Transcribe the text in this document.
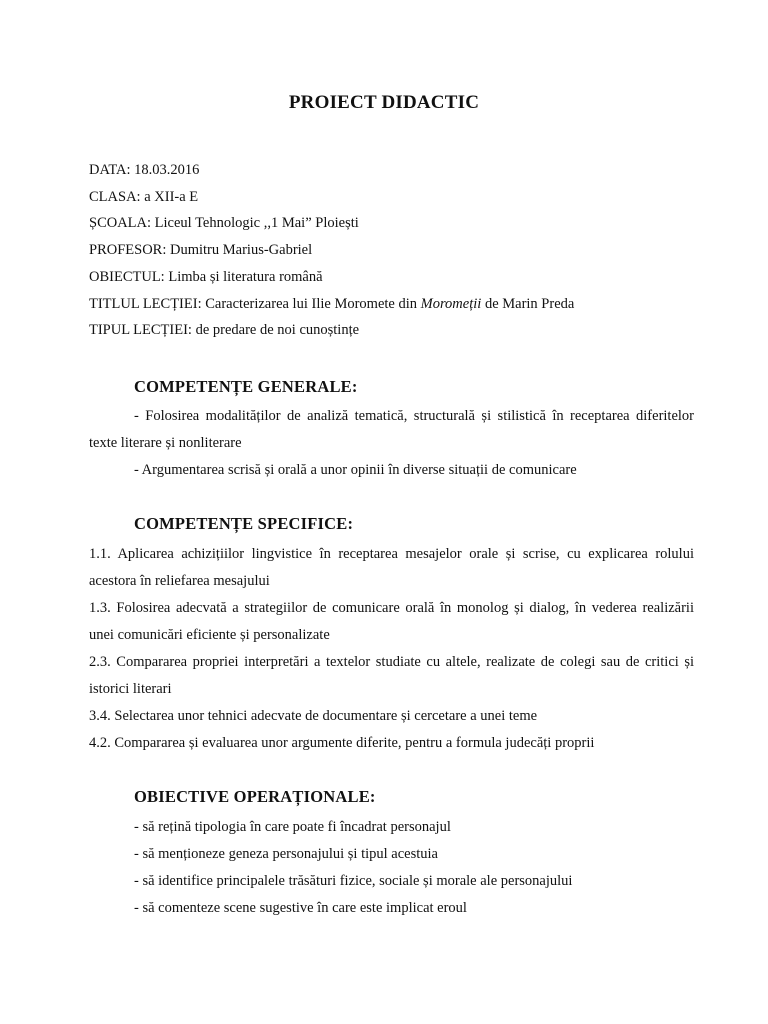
PROIECT DIDACTIC
DATA: 18.03.2016
CLASA: a XII-a E
ȘCOALA: Liceul Tehnologic ,,1 Mai” Ploiești
PROFESOR: Dumitru Marius-Gabriel
OBIECTUL: Limba și literatura română
TITLUL LECȚIEI: Caracterizarea lui Ilie Moromete din Moromeții de Marin Preda
TIPUL LECȚIEI: de predare de noi cunoștințe
COMPETENȚE GENERALE:
- Folosirea modalităților de analiză tematică, structurală și stilistică în receptarea diferitelor texte literare și nonliterare
- Argumentarea scrisă și orală a unor opinii în diverse situații de comunicare
COMPETENȚE SPECIFICE:
1.1. Aplicarea achizițiilor lingvistice în receptarea mesajelor orale și scrise, cu explicarea rolului acestora în reliefarea mesajului
1.3. Folosirea adecvată a strategiilor de comunicare orală în monolog și dialog, în vederea realizării unei comunicări eficiente și personalizate
2.3. Compararea propriei interpretări a textelor studiate cu altele, realizate de colegi sau de critici și istorici literari
3.4. Selectarea unor tehnici adecvate de documentare și cercetare a unei teme
4.2. Compararea și evaluarea unor argumente diferite, pentru a formula judecăți proprii
OBIECTIVE OPERAȚIONALE:
- să rețină tipologia în care poate fi încadrat personajul
- să menționeze geneza personajului și tipul acestuia
- să identifice principalele trăsături fizice, sociale și morale ale personajului
- să comenteze scene sugestive în care este implicat eroul
